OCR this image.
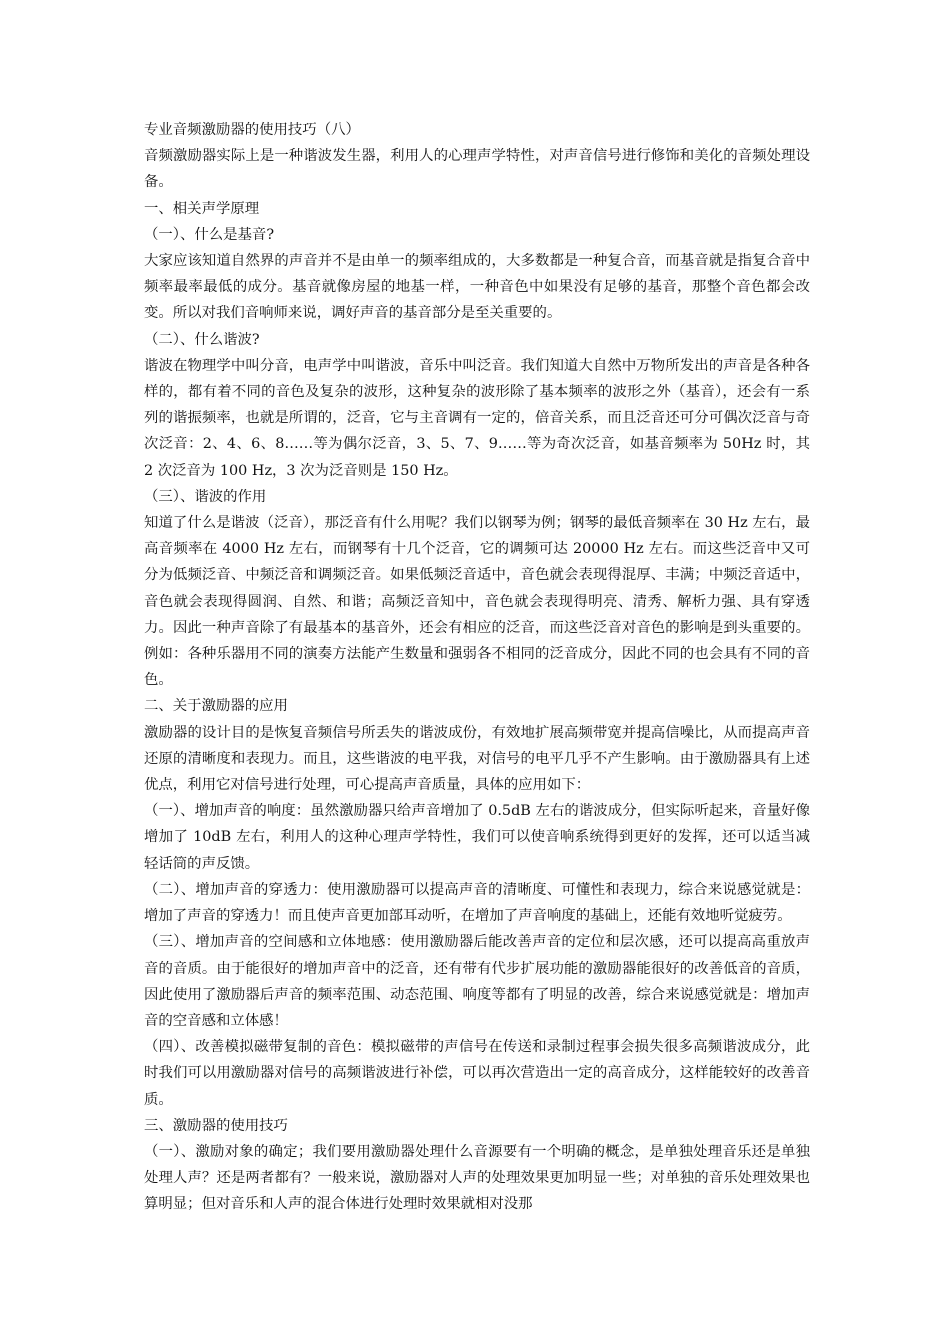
专业音频激励器的使用技巧（八）

音频激励器实际上是一种谐波发生器，利用人的心理声学特性，对声音信号进行修饰和美化的音频处理设备。

一、相关声学原理

（一）、什么是基音?

大家应该知道自然界的声音并不是由单一的频率组成的，大多数都是一种复合音，而基音就是指复合音中频率最率最低的成分。基音就像房屋的地基一样，一种音色中如果没有足够的基音，那整个音色都会改变。所以对我们音响师来说，调好声音的基音部分是至关重要的。

（二）、什么谐波?

谐波在物理学中叫分音，电声学中叫谐波，音乐中叫泛音。我们知道大自然中万物所发出的声音是各种各样的，都有着不同的音色及复杂的波形，这种复杂的波形除了基本频率的波形之外（基音），还会有一系列的谐振频率，也就是所谓的，泛音，它与主音调有一定的，倍音关系，而且泛音还可分可偶次泛音与奇次泛音：2、4、6、8……等为偶尔泛音，3、5、7、9……等为奇次泛音，如基音频率为 50Hz 时，其 2 次泛音为 100 Hz，3 次为泛音则是 150 Hz。

（三）、谐波的作用

知道了什么是谐波（泛音），那泛音有什么用呢？我们以钢琴为例；钢琴的最低音频率在 30 Hz 左右，最高音频率在 4000 Hz 左右，而钢琴有十几个泛音，它的调频可达 20000 Hz 左右。而这些泛音中又可分为低频泛音、中频泛音和调频泛音。如果低频泛音适中，音色就会表现得混厚、丰满；中频泛音适中，音色就会表现得圆润、自然、和谐；高频泛音知中，音色就会表现得明亮、清秀、解析力强、具有穿透力。因此一种声音除了有最基本的基音外，还会有相应的泛音，而这些泛音对音色的影响是到头重要的。例如：各种乐器用不同的演奏方法能产生数量和强弱各不相同的泛音成分，因此不同的也会具有不同的音色。

二、关于激励器的应用

激励器的设计目的是恢复音频信号所丢失的谐波成份，有效地扩展高频带宽并提高信噪比，从而提高声音还原的清晰度和表现力。而且，这些谐波的电平我，对信号的电平几乎不产生影响。由于激励器具有上述优点，利用它对信号进行处理，可心提高声音质量，具体的应用如下：

（一）、增加声音的响度：虽然激励器只给声音增加了 0.5dB 左右的谐波成分，但实际听起来，音量好像增加了 10dB 左右，利用人的这种心理声学特性，我们可以使音响系统得到更好的发挥，还可以适当减轻话筒的声反馈。

（二）、增加声音的穿透力：使用激励器可以提高声音的清晰度、可懂性和表现力，综合来说感觉就是：增加了声音的穿透力！而且使声音更加部耳动听，在增加了声音响度的基础上，还能有效地听觉疲劳。

（三）、增加声音的空间感和立体地感：使用激励器后能改善声音的定位和层次感，还可以提高高重放声音的音质。由于能很好的增加声音中的泛音，还有带有代步扩展功能的激励器能很好的改善低音的音质，因此使用了激励器后声音的频率范围、动态范围、响度等都有了明显的改善，综合来说感觉就是：增加声音的空音感和立体感！

（四）、改善模拟磁带复制的音色：模拟磁带的声信号在传送和录制过程事会损失很多高频谐波成分，此时我们可以用激励器对信号的高频谐波进行补偿，可以再次营造出一定的高音成分，这样能较好的改善音质。

三、激励器的使用技巧

（一）、激励对象的确定；我们要用激励器处理什么音源要有一个明确的概念，是单独处理音乐还是单独处理人声？还是两者都有？一般来说，激励器对人声的处理效果更加明显一些；对单独的音乐处理效果也算明显；但对音乐和人声的混合体进行处理时效果就相对没那
